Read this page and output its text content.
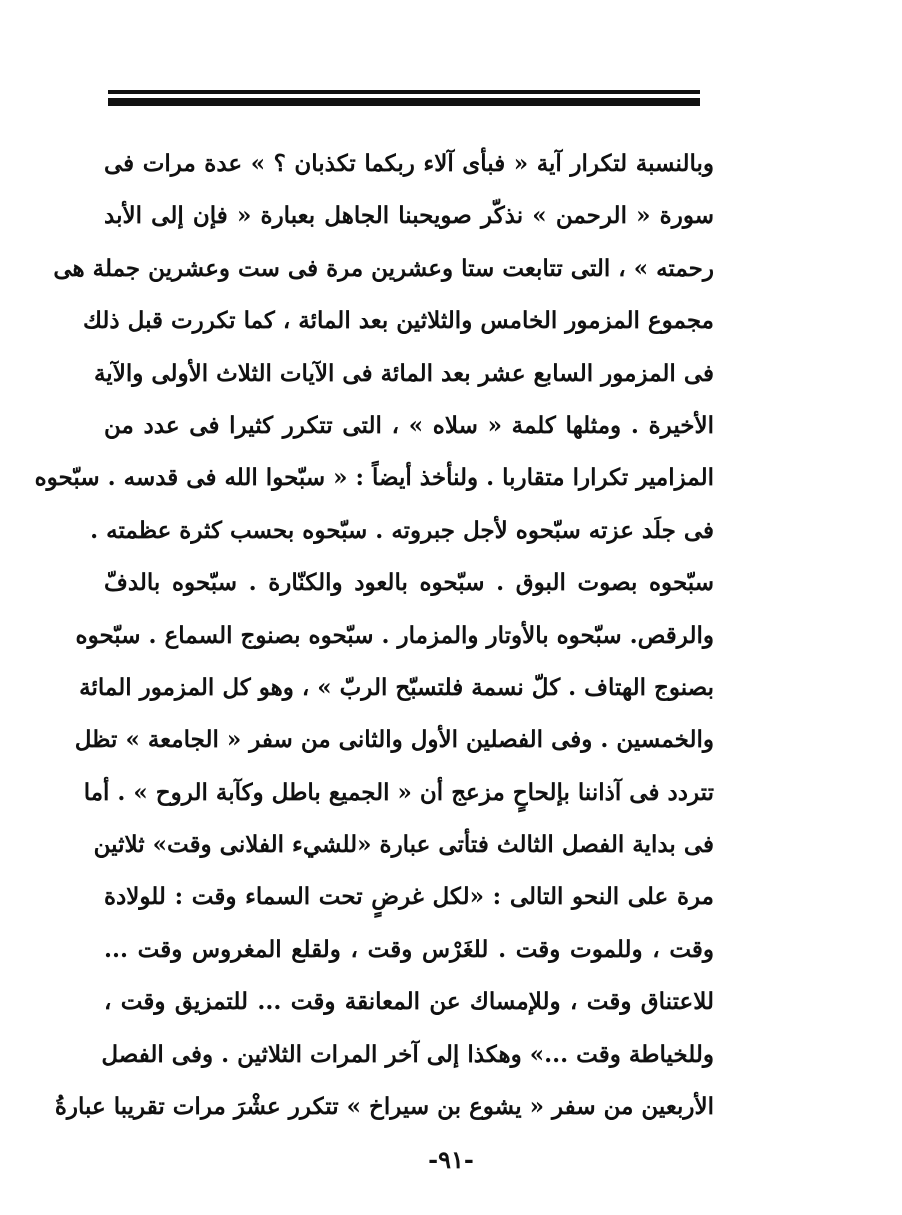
وبالنسبة لتكرار آية « فبأى آلاء ربكما تكذبان ؟ » عدة مرات فى
سورة « الرحمن » نذكّر صويحبنا الجاهل بعبارة « فإن إلى الأبد
رحمته » ، التى تتابعت ستا وعشرين مرة فى ست وعشرين جملة هى
مجموع المزمور الخامس والثلاثين بعد المائة ، كما تكررت قبل ذلك
فى المزمور السابع عشر بعد المائة فى الآيات الثلاث الأولى والآية
الأخيرة . ومثلها كلمة « سلاه » ، التى تتكرر كثيرا فى عدد من
المزامير تكرارا متقاربا . ولنأخذ أيضاً : « سبّحوا الله فى قدسه . سبّحوه
فى جلَد عزته سبّحوه لأجل جبروته . سبّحوه بحسب كثرة عظمته .
سبّحوه بصوت البوق . سبّحوه بالعود والكنّارة . سبّحوه بالدفّ
والرقص. سبّحوه بالأوتار والمزمار . سبّحوه بصنوج السماع . سبّحوه
بصنوج الهتاف . كلّ نسمة فلتسبّح الربّ » ، وهو كل المزمور المائة
والخمسين . وفى الفصلين الأول والثانى من سفر « الجامعة » تظل
تتردد فى آذاننا بإلحاحٍ مزعج أن « الجميع باطل وكآبة الروح » . أما
فى بداية الفصل الثالث فتأتى عبارة «للشيء الفلانى وقت» ثلاثين
مرة على النحو التالى : «لكل غرضٍ تحت السماء وقت : للولادة
وقت ، وللموت وقت . للغَرْس وقت ، ولقلع المغروس وقت ...
للاعتناق وقت ، وللإمساك عن المعانقة وقت ... للتمزيق وقت ،
وللخياطة وقت ...» وهكذا إلى آخر المرات الثلاثين . وفى الفصل
الأربعين من سفر « يشوع بن سيراخ » تتكرر عشْرَ مرات تقريبا عبارةُ
-٩١-
